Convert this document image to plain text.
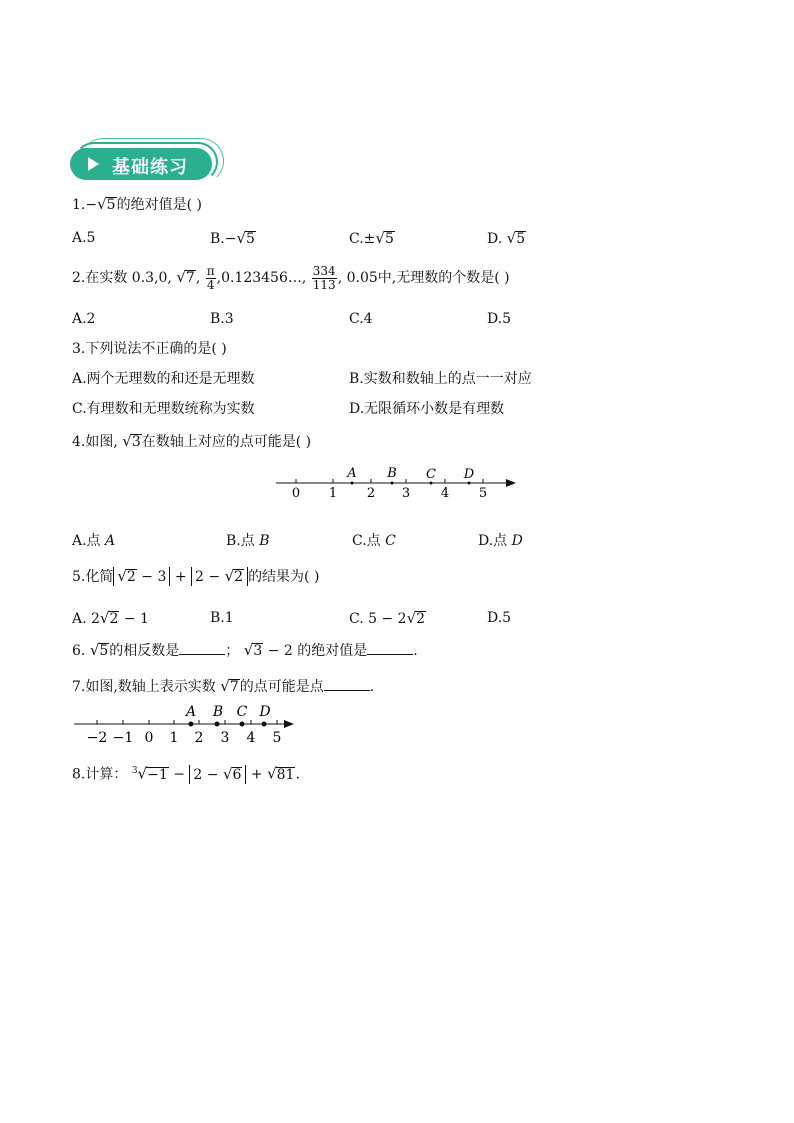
基础练习
1.−√5的绝对值是( )
A.5	B.−√5	C.±√5	D. √5
2.在实数 0.3,0, √7, $\frac{\pi}{4}$ ,0.123456…, $\frac{334}{113}$ , 0.05中,无理数的个数是( )
A.2	B.3	C.4	D.5
3.下列说法不正确的是( )
A.两个无理数的和还是无理数	B.实数和数轴上的点一一对应
C.有理数和无理数统称为实数	D.无限循环小数是有理数
4.如图, √3在数轴上对应的点可能是( )
0 1 2 3 4 5
A B C D
A.点 A	B.点 B	C.点 C	D.点 D
5.化简 √2 − 3 + 2 − √2 的结果为( )
A. 2√2 − 1	B.1	C. 5 − 2√2	D.5
6. √5的相反数是	； √3 − 2 的绝对值是	.
7.如图,数轴上表示实数 √7的点可能是点	.
−2 −1 0 1 2 3 4 5
A B C D
8.计算： $^3$√−1 − 2 − √6 + √81.
